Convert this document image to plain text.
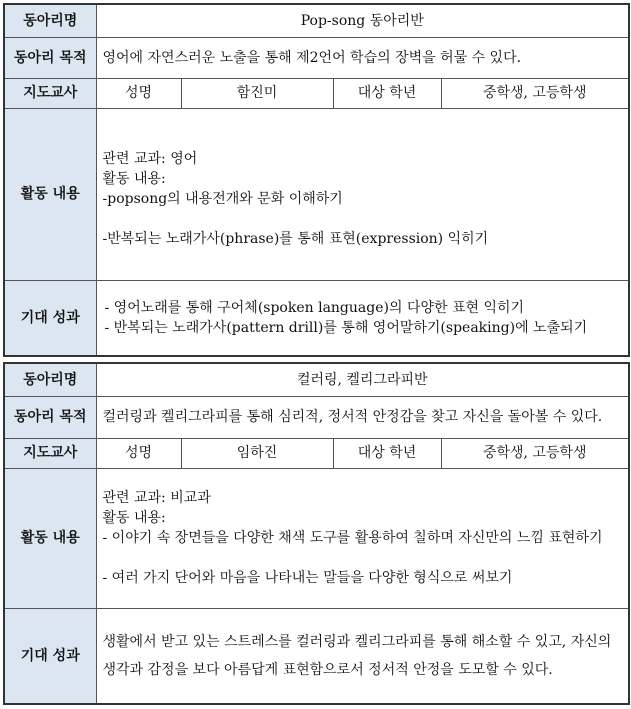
동아리명	Pop-song 동아리반			
동아리 목적	영어에 자연스러운 노출을 통해 제2언어 학습의 장벽을 허물 수 있다.			
지도교사	성명	함진미	대상 학년	중학생, 고등학생
활동 내용	관련 교과: 영어

활동 내용:

-popsong의 내용전개와 문화 이해하기

-반복되는 노래가사(phrase)를 통해 표현(expression) 익히기			

기대 성과	- 영어노래를 통해 구어체(spoken language)의 다양한 표현 익히기

- 반복되는 노래가사(pattern drill)를 통해 영어말하기(speaking)에 노출되기			

동아리명	컬러링, 켈리그라피반			
동아리 목적	컬러링과 켈리그라피를 통해 심리적, 정서적 안정감을 찾고 자신을 돌아볼 수 있다.			
지도교사	성명	임하진	대상 학년	중학생, 고등학생
활동 내용	관련 교과: 비교과

활동 내용:

- 이야기 속 장면들을 다양한 채색 도구를 활용하여 칠하며 자신만의 느낌 표현하기

- 여러 가지 단어와 마음을 나타내는 말들을 다양한 형식으로 써보기			

기대 성과	생활에서 받고 있는 스트레스를 컬러링과 켈리그라피를 통해 해소할 수 있고, 자신의 생각과 감정을 보다 아름답게 표현함으로서 정서적 안정을 도모할 수 있다.			
